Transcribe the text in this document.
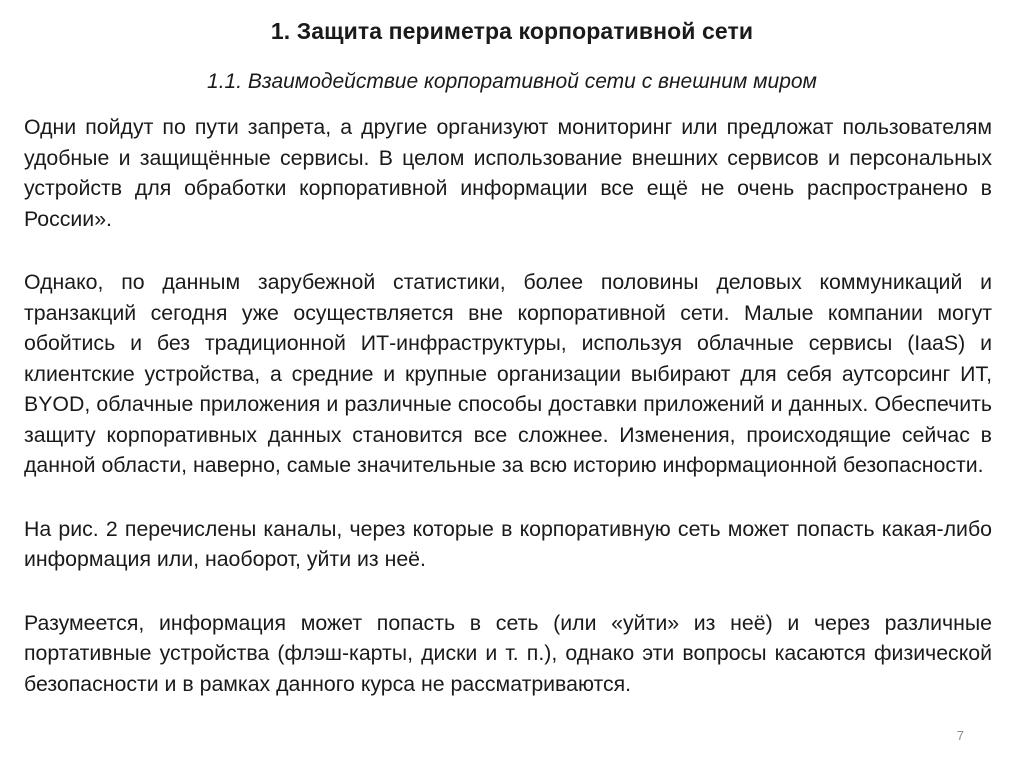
1. Защита периметра корпоративной сети
1.1. Взаимодействие корпоративной сети с внешним миром

Одни пойдут по пути запрета, а другие организуют мониторинг или предложат пользователям удобные и защищённые сервисы. В целом использование внешних сервисов и персональных устройств для обработки корпоративной информации все ещё не очень распространено в России».

Однако, по данным зарубежной статистики, более половины деловых коммуникаций и транзакций сегодня уже осуществляется вне корпоративной сети. Малые компании могут обойтись и без традиционной ИТ-инфраструктуры, используя облачные сервисы (IaaS) и клиентские устройства, а средние и крупные организации выбирают для себя аутсорсинг ИТ, BYOD, облачные приложения и различные способы доставки приложений и данных. Обеспечить защиту корпоративных данных становится все сложнее. Изменения, происходящие сейчас в данной области, наверно, самые значительные за всю историю информационной безопасности.

На рис. 2 перечислены каналы, через которые в корпоративную сеть может попасть какая-либо информация или, наоборот, уйти из неё.

Разумеется, информация может попасть в сеть (или «уйти» из неё) и через различные портативные устройства (флэш-карты, диски и т. п.), однако эти вопросы касаются физической безопасности и в рамках данного курса не рассматриваются.

7
